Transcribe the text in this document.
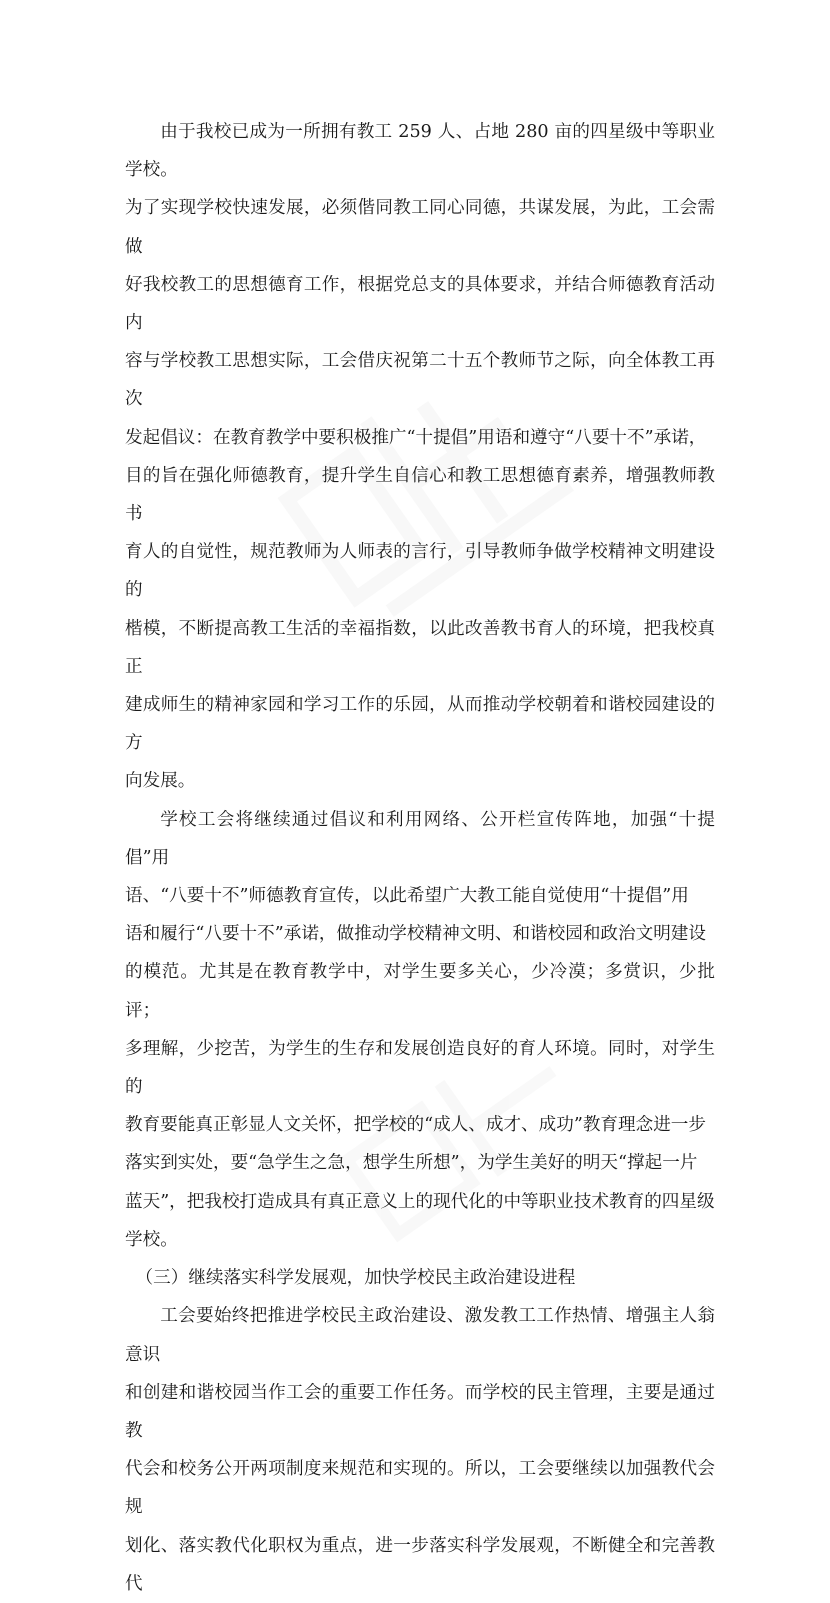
由于我校已成为一所拥有教工 259 人、占地 280 亩的四星级中等职业学校。
为了实现学校快速发展，必须偕同教工同心同德，共谋发展，为此，工会需做
好我校教工的思想德育工作，根据党总支的具体要求，并结合师德教育活动内
容与学校教工思想实际，工会借庆祝第二十五个教师节之际，向全体教工再次
发起倡议：在教育教学中要积极推广“十提倡”用语和遵守“八要十不”承诺，
目的旨在强化师德教育，提升学生自信心和教工思想德育素养，增强教师教书
育人的自觉性，规范教师为人师表的言行，引导教师争做学校精神文明建设的
楷模，不断提高教工生活的幸福指数，以此改善教书育人的环境，把我校真正
建成师生的精神家园和学习工作的乐园，从而推动学校朝着和谐校园建设的方
向发展。

学校工会将继续通过倡议和利用网络、公开栏宣传阵地，加强“十提倡”用
语、“八要十不”师德教育宣传，以此希望广大教工能自觉使用“十提倡”用
语和履行“八要十不”承诺，做推动学校精神文明、和谐校园和政治文明建设
的模范。尤其是在教育教学中，对学生要多关心，少冷漠；多赏识，少批评；
多理解，少挖苦，为学生的生存和发展创造良好的育人环境。同时，对学生的
教育要能真正彰显人文关怀，把学校的“成人、成才、成功”教育理念进一步
落实到实处，要“急学生之急，想学生所想”，为学生美好的明天“撑起一片
蓝天”，把我校打造成具有真正意义上的现代化的中等职业技术教育的四星级
学校。

（三）继续落实科学发展观，加快学校民主政治建设进程

工会要始终把推进学校民主政治建设、激发教工工作热情、增强主人翁意识
和创建和谐校园当作工会的重要工作任务。而学校的民主管理，主要是通过教
代会和校务公开两项制度来规范和实现的。所以，工会要继续以加强教代会规
划化、落实教代化职权为重点，进一步落实科学发展观，不断健全和完善教代
